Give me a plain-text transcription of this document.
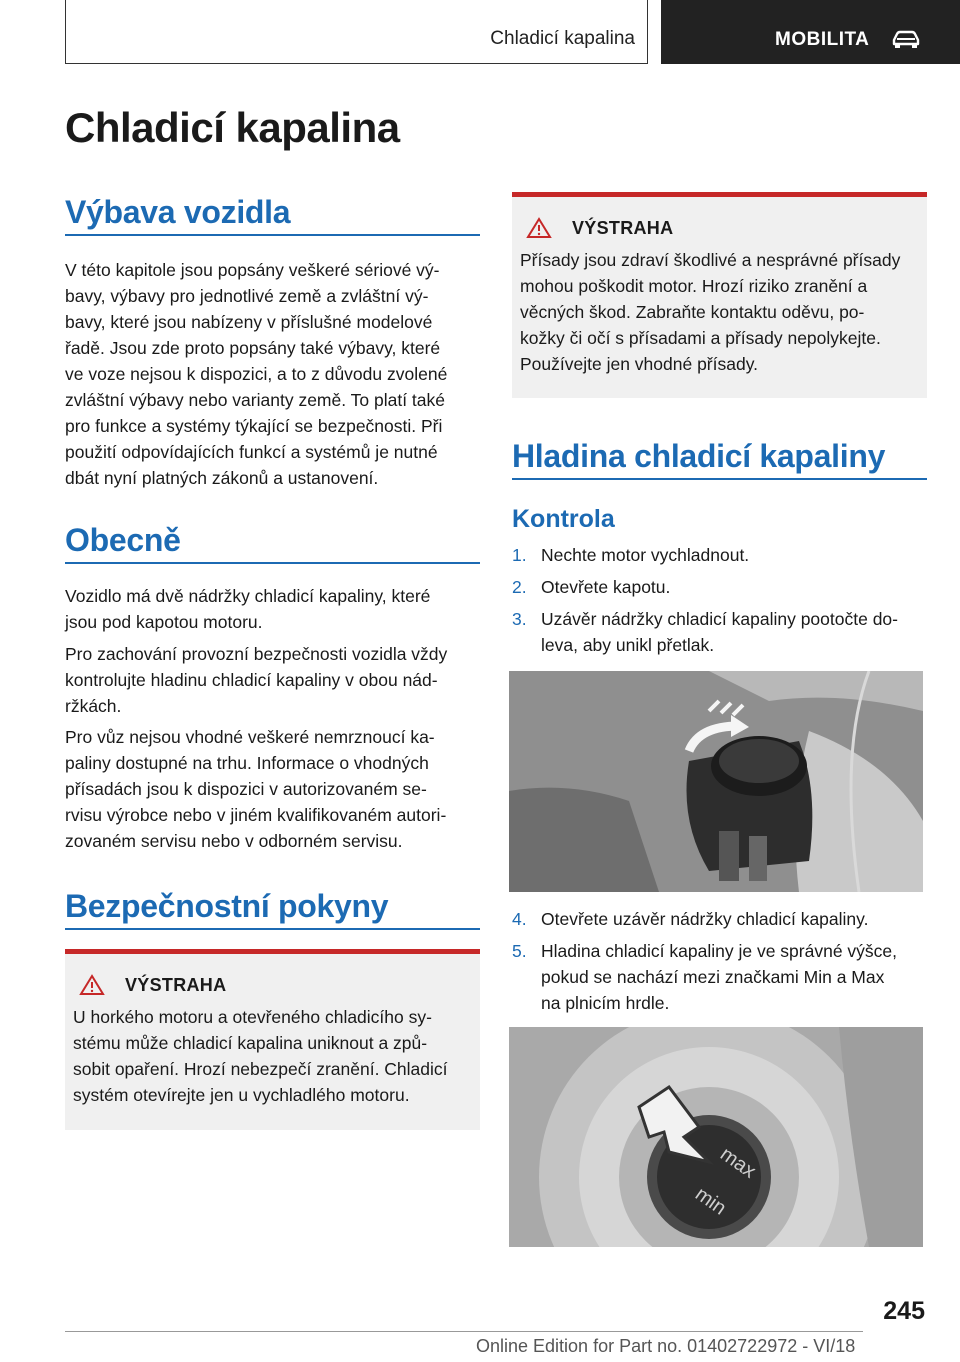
Chladicí kapalina	MOBILITA
Chladicí kapalina
Výbava vozidla

V této kapitole jsou popsány veškeré sériové vý-
bavy, výbavy pro jednotlivé země a zvláštní vý-
bavy, které jsou nabízeny v příslušné modelové
řadě. Jsou zde proto popsány také výbavy, které
ve voze nejsou k dispozici, a to z důvodu zvolené
zvláštní výbavy nebo varianty země. To platí také
pro funkce a systémy týkající se bezpečnosti. Při
použití odpovídajících funkcí a systémů je nutné
dbát nyní platných zákonů a ustanovení.

Obecně

Vozidlo má dvě nádržky chladicí kapaliny, které
jsou pod kapotou motoru.

Pro zachování provozní bezpečnosti vozidla vždy
kontrolujte hladinu chladicí kapaliny v obou nád-
ržkách.

Pro vůz nejsou vhodné veškeré nemrznoucí ka-
paliny dostupné na trhu. Informace o vhodných
přísadách jsou k dispozici v autorizovaném se-
rvisu výrobce nebo v jiném kvalifikovaném autori-
zovaném servisu nebo v odborném servisu.

Bezpečnostní pokyny
VÝSTRAHA
U horkého motoru a otevřeného chladicího sy-
stému může chladicí kapalina uniknout a způ-
sobit opaření. Hrozí nebezpečí zranění. Chladicí
systém otevírejte jen u vychladlého motoru.
VÝSTRAHA
Přísady jsou zdraví škodlivé a nesprávné přísady
mohou poškodit motor. Hrozí riziko zranění a
věcných škod. Zabraňte kontaktu oděvu, po-
kožky či očí s přísadami a přísady nepolykejte.
Používejte jen vhodné přísady.
Hladina chladicí kapaliny
Kontrola
1. Nechte motor vychladnout.
2. Otevřete kapotu.
3. Uzávěr nádržky chladicí kapaliny pootočte do-
leva, aby unikl přetlak.
4. Otevřete uzávěr nádržky chladicí kapaliny.
5. Hladina chladicí kapaliny je ve správné výšce,
pokud se nachází mezi značkami Min a Max
na plnicím hrdle.
max
min
245
Online Edition for Part no. 01402722972 - VI/18
